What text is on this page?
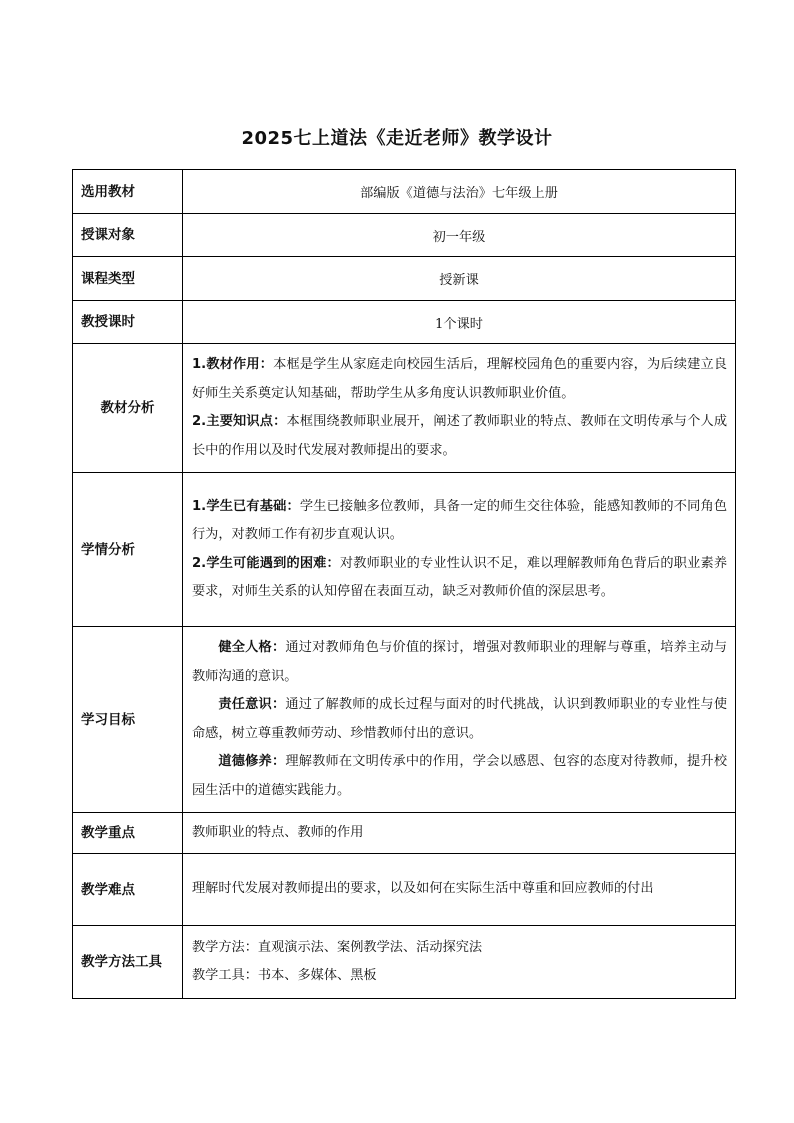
2025七上道法《走近老师》教学设计
选用教材	部编版《道德与法治》七年级上册
授课对象	初一年级
课程类型	授新课
教授课时	1个课时
教材分析	1.教材作用：本框是学生从家庭走向校园生活后，理解校园角色的重要内容，为后续建立良好师生关系奠定认知基础，帮助学生从多角度认识教师职业价值。

2.主要知识点：本框围绕教师职业展开，阐述了教师职业的特点、教师在文明传承与个人成长中的作用以及时代发展对教师提出的要求。

学情分析	1.学生已有基础：学生已接触多位教师，具备一定的师生交往体验，能感知教师的不同角色行为，对教师工作有初步直观认识。

2.学生可能遇到的困难：对教师职业的专业性认识不足，难以理解教师角色背后的职业素养要求，对师生关系的认知停留在表面互动，缺乏对教师价值的深层思考。

学习目标	健全人格：通过对教师角色与价值的探讨，增强对教师职业的理解与尊重，培养主动与教师沟通的意识。

责任意识：通过了解教师的成长过程与面对的时代挑战，认识到教师职业的专业性与使命感，树立尊重教师劳动、珍惜教师付出的意识。

道德修养：理解教师在文明传承中的作用，学会以感恩、包容的态度对待教师，提升校园生活中的道德实践能力。

教学重点	教师职业的特点、教师的作用
教学难点	理解时代发展对教师提出的要求，以及如何在实际生活中尊重和回应教师的付出
教学方法工具	教学方法：直观演示法、案例教学法、活动探究法

教学工具：书本、多媒体、黑板
